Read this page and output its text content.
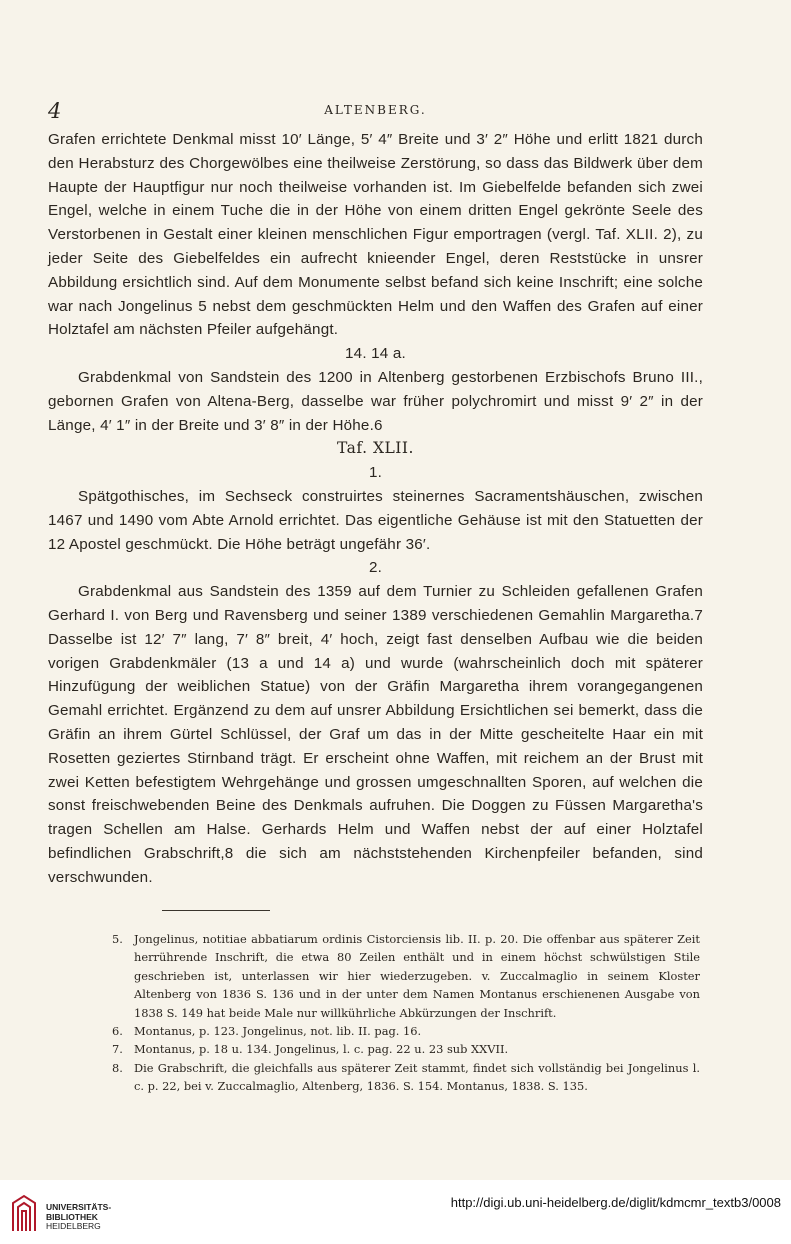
4	ALTENBERG.

Grafen errichtete Denkmal misst 10′ Länge, 5′ 4″ Breite und 3′ 2″ Höhe und erlitt 1821 durch den Herabsturz des Chorgewölbes eine theilweise Zerstörung, so dass das Bildwerk über dem Haupte der Hauptfigur nur noch theilweise vorhanden ist. Im Giebelfelde befanden sich zwei Engel, welche in einem Tuche die in der Höhe von einem dritten Engel gekrönte Seele des Verstorbenen in Gestalt einer kleinen menschlichen Figur emportragen (vergl. Taf. XLII. 2), zu jeder Seite des Giebelfeldes ein aufrecht knieender Engel, deren Reststücke in unsrer Abbildung ersichtlich sind. Auf dem Monumente selbst befand sich keine Inschrift; eine solche war nach Jongelinus 5 nebst dem geschmückten Helm und den Waffen des Grafen auf einer Holztafel am nächsten Pfeiler aufgehängt.

14. 14 a.

Grabdenkmal von Sandstein des 1200 in Altenberg gestorbenen Erzbischofs Bruno III., gebornen Grafen von Altena-Berg, dasselbe war früher polychromirt und misst 9′ 2″ in der Länge, 4′ 1″ in der Breite und 3′ 8″ in der Höhe.6

Taf. XLII.

1.

Spätgothisches, im Sechseck construirtes steinernes Sacramentshäuschen, zwischen 1467 und 1490 vom Abte Arnold errichtet. Das eigentliche Gehäuse ist mit den Statuetten der 12 Apostel geschmückt. Die Höhe beträgt ungefähr 36′.

2.

Grabdenkmal aus Sandstein des 1359 auf dem Turnier zu Schleiden gefallenen Grafen Gerhard I. von Berg und Ravensberg und seiner 1389 verschiedenen Gemahlin Margaretha.7 Dasselbe ist 12′ 7″ lang, 7′ 8″ breit, 4′ hoch, zeigt fast denselben Aufbau wie die beiden vorigen Grabdenkmäler (13 a und 14 a) und wurde (wahrscheinlich doch mit späterer Hinzufügung der weiblichen Statue) von der Gräfin Margaretha ihrem vorangegangenen Gemahl errichtet. Ergänzend zu dem auf unsrer Abbildung Ersichtlichen sei bemerkt, dass die Gräfin an ihrem Gürtel Schlüssel, der Graf um das in der Mitte gescheitelte Haar ein mit Rosetten geziertes Stirnband trägt. Er erscheint ohne Waffen, mit reichem an der Brust mit zwei Ketten befestigtem Wehrgehänge und grossen umgeschnallten Sporen, auf welchen die sonst freischwebenden Beine des Denkmals aufruhen. Die Doggen zu Füssen Margaretha's tragen Schellen am Halse. Gerhards Helm und Waffen nebst der auf einer Holztafel befindlichen Grabschrift,8 die sich am nächststehenden Kirchenpfeiler befanden, sind verschwunden.

5. Jongelinus, notitiae abbatiarum ordinis Cistorciensis lib. II. p. 20. Die offenbar aus späterer Zeit herrührende Inschrift, die etwa 80 Zeilen enthält und in einem höchst schwülstigen Stile geschrieben ist, unterlassen wir hier wiederzugeben. v. Zuccalmaglio in seinem Kloster Altenberg von 1836 S. 136 und in der unter dem Namen Montanus erschienenen Ausgabe von 1838 S. 149 hat beide Male nur willkührliche Abkürzungen der Inschrift.
6. Montanus, p. 123. Jongelinus, not. lib. II. pag. 16.
7. Montanus, p. 18 u. 134. Jongelinus, l. c. pag. 22 u. 23 sub XXVII.
8. Die Grabschrift, die gleichfalls aus späterer Zeit stammt, findet sich vollständig bei Jongelinus l. c. p. 22, bei v. Zuccalmaglio, Altenberg, 1836. S. 154. Montanus, 1838. S. 135.
UNIVERSITÄTS-
BIBLIOTHEK
HEIDELBERG
http://digi.ub.uni-heidelberg.de/diglit/kdmcmr_textb3/0008
